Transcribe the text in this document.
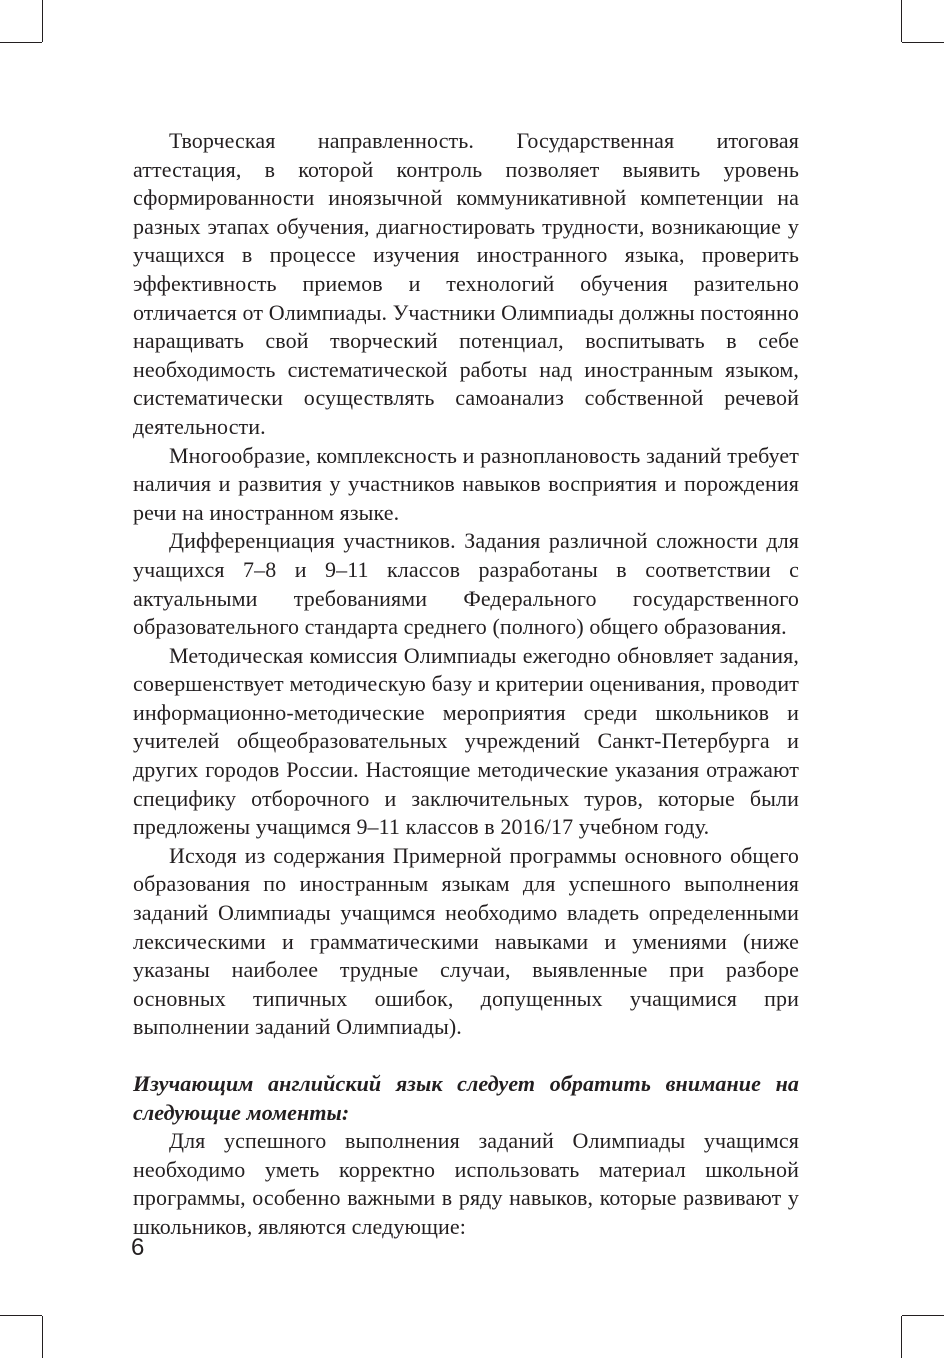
Творческая направленность. Государственная итоговая аттестация, в которой контроль позволяет выявить уровень сформированности иноязычной коммуникативной компетенции на разных этапах обучения, диагностировать трудности, возникающие у учащихся в процессе изучения иностранного языка, проверить эффективность приемов и технологий обучения разительно отличается от Олимпиады. Участники Олимпиады должны постоянно наращивать свой творческий потенциал, воспитывать в себе необходимость систематической работы над иностранным языком, систематически осуществлять самоанализ собственной речевой деятельности.

Многообразие, комплексность и разноплановость заданий требует наличия и развития у участников навыков восприятия и порождения речи на иностранном языке.

Дифференциация участников. Задания различной сложности для учащихся 7–8 и 9–11 классов разработаны в соответствии с актуальными требованиями Федерального государственного образовательного стандарта среднего (полного) общего образования.

Методическая комиссия Олимпиады ежегодно обновляет задания, совершенствует методическую базу и критерии оценивания, проводит информационно-методические мероприятия среди школьников и учителей общеобразовательных учреждений Санкт-Петербурга и других городов России. Настоящие методические указания отражают специфику отборочного и заключительных туров, которые были предложены учащимся 9–11 классов в 2016/17 учебном году.

Исходя из содержания Примерной программы основного общего образования по иностранным языкам для успешного выполнения заданий Олимпиады учащимся необходимо владеть определенными лексическими и грамматическими навыками и умениями (ниже указаны наиболее трудные случаи, выявленные при разборе основных типичных ошибок, допущенных учащимися при выполнении заданий Олимпиады).

Изучающим английский язык следует обратить внимание на следующие моменты:

Для успешного выполнения заданий Олимпиады учащимся необходимо уметь корректно использовать материал школьной программы, особенно важными в ряду навыков, которые развивают у школьников, являются следующие:

6
